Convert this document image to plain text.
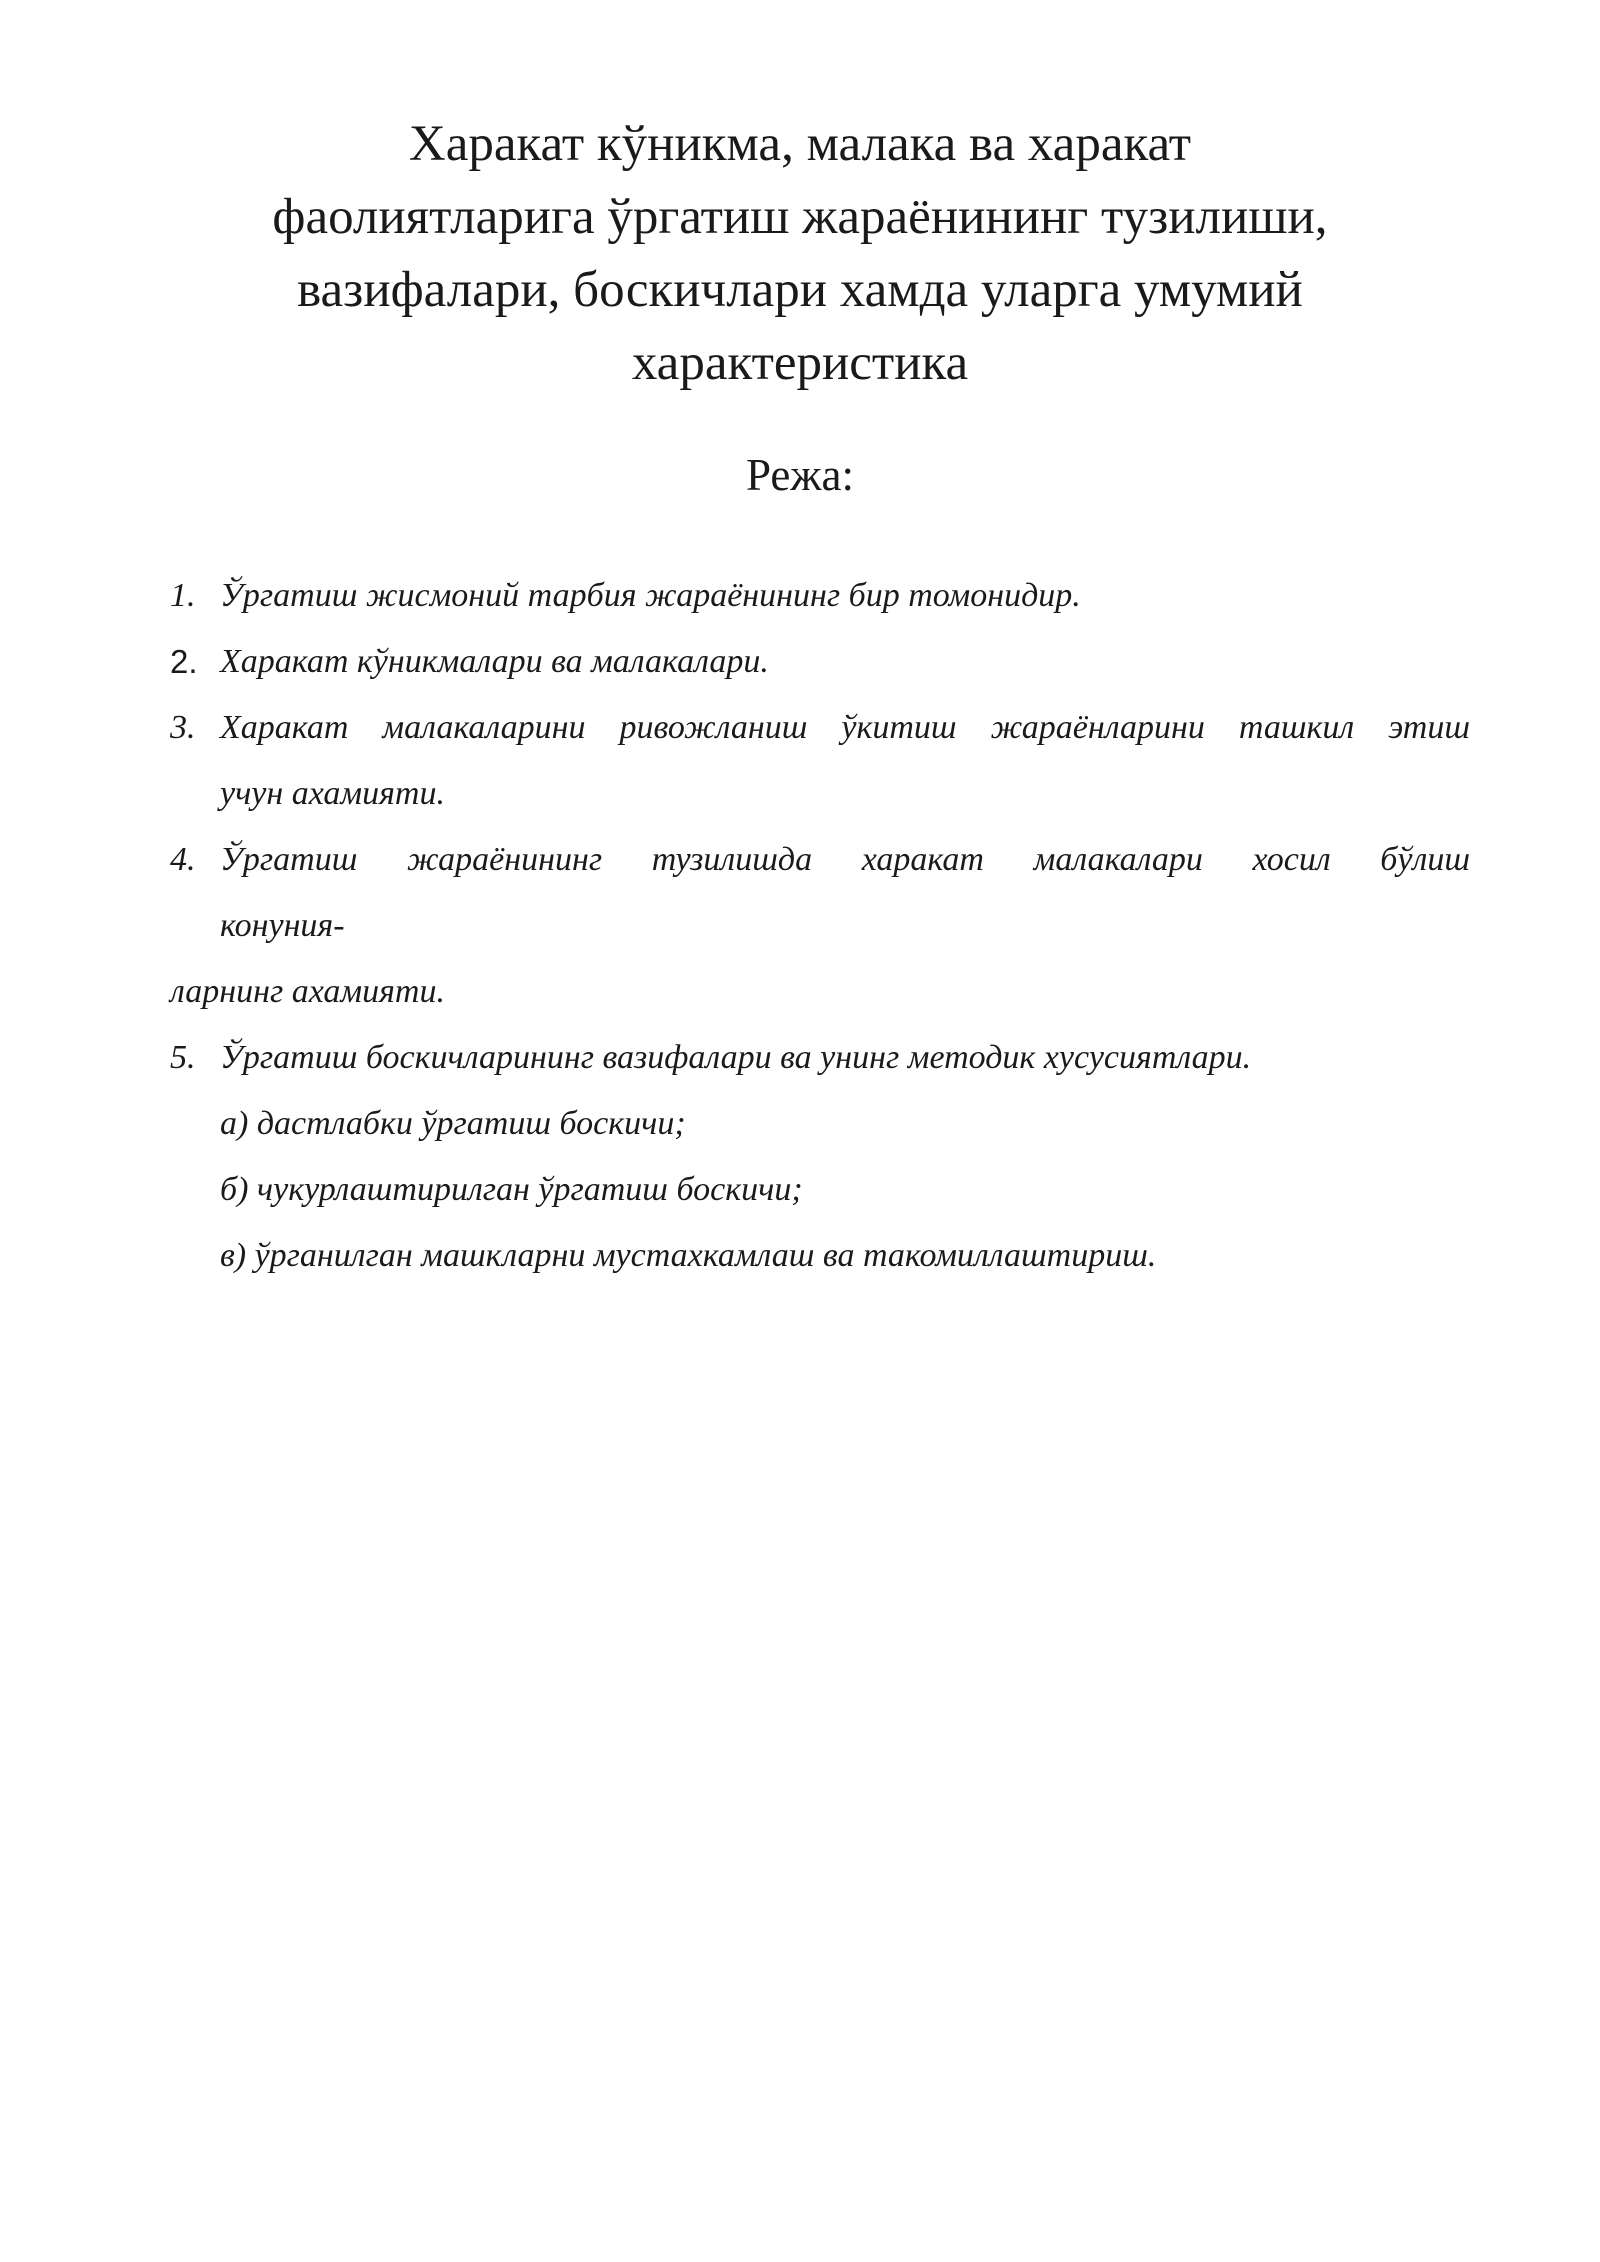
Харакат кўникма, малака ва харакат
фаолиятларига ўргатиш жараёнининг тузилиши,
вазифалари, боскичлари хамда уларга умумий
характеристика
Режа:
1. Ўргатиш жисмоний тарбия жараёнининг бир томонидир.
2. Харакат кўникмалари ва малакалари.
3. Харакат малакаларини ривожланиш ўкитиш жараёнларини ташкил этиш
учун ахамияти.
4. Ўргатиш жараёнининг тузилишда харакат малакалари хосил бўлиш
конуния-
ларнинг ахамияти.
5. Ўргатиш боскичларининг вазифалари ва унинг методик хусусиятлари.
а) дастлабки ўргатиш боскичи;
б) чукурлаштирилган ўргатиш боскичи;
в) ўрганилган машкларни мустахкамлаш ва такомиллаштириш.
